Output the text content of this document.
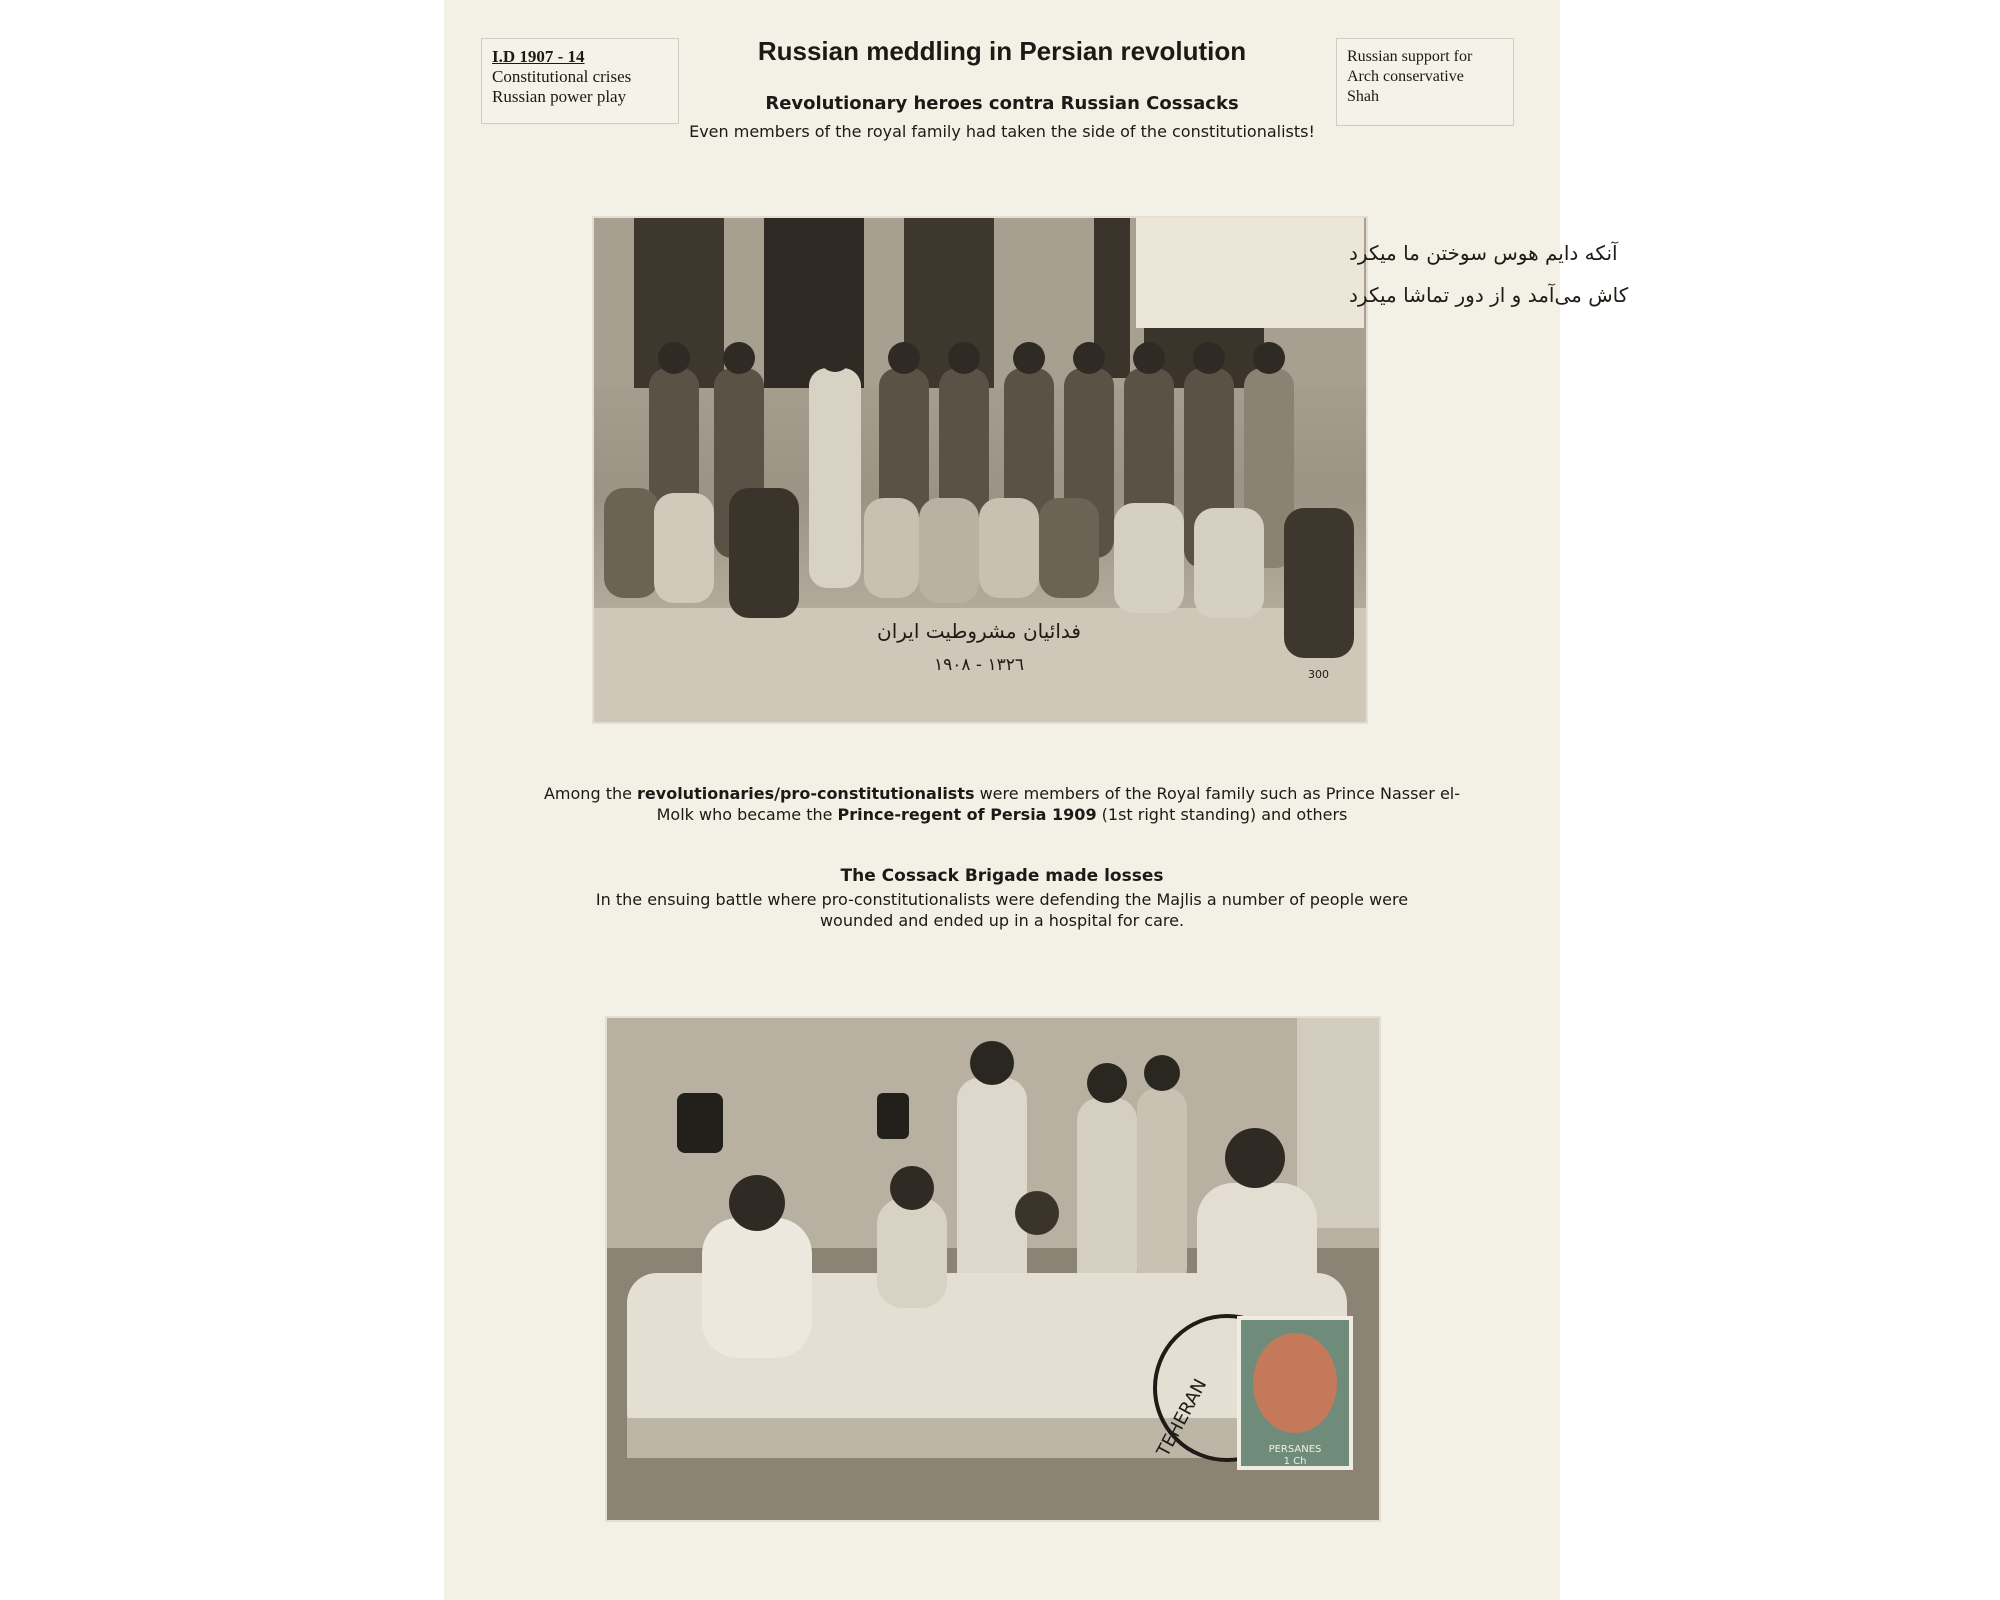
I.D 1907 - 14
Constitutional crises
Russian power play
Russian meddling in Persian revolution	Russian support for
Arch conservative
Shah
Revolutionary heroes contra Russian Cossacks
Even members of the royal family had taken the side of the constitutionalists!
آنکه دایم هوس سوختن ما میکرد
کاش می‌آمد و از دور تماشا میکرد
فدائیان مشروطیت ایران
١٣٢٦ - ١٩٠٨	300
Among the revolutionaries/pro-constitutionalists were members of the Royal family such as Prince Nasser el-
Molk who became the Prince-regent of Persia 1909 (1st right standing) and others
The Cossack Brigade made losses
In the ensuing battle where pro-constitutionalists were defending the Majlis a number of people were
wounded and ended up in a hospital for care.
TEHERAN	PERSANES
1 Ch
